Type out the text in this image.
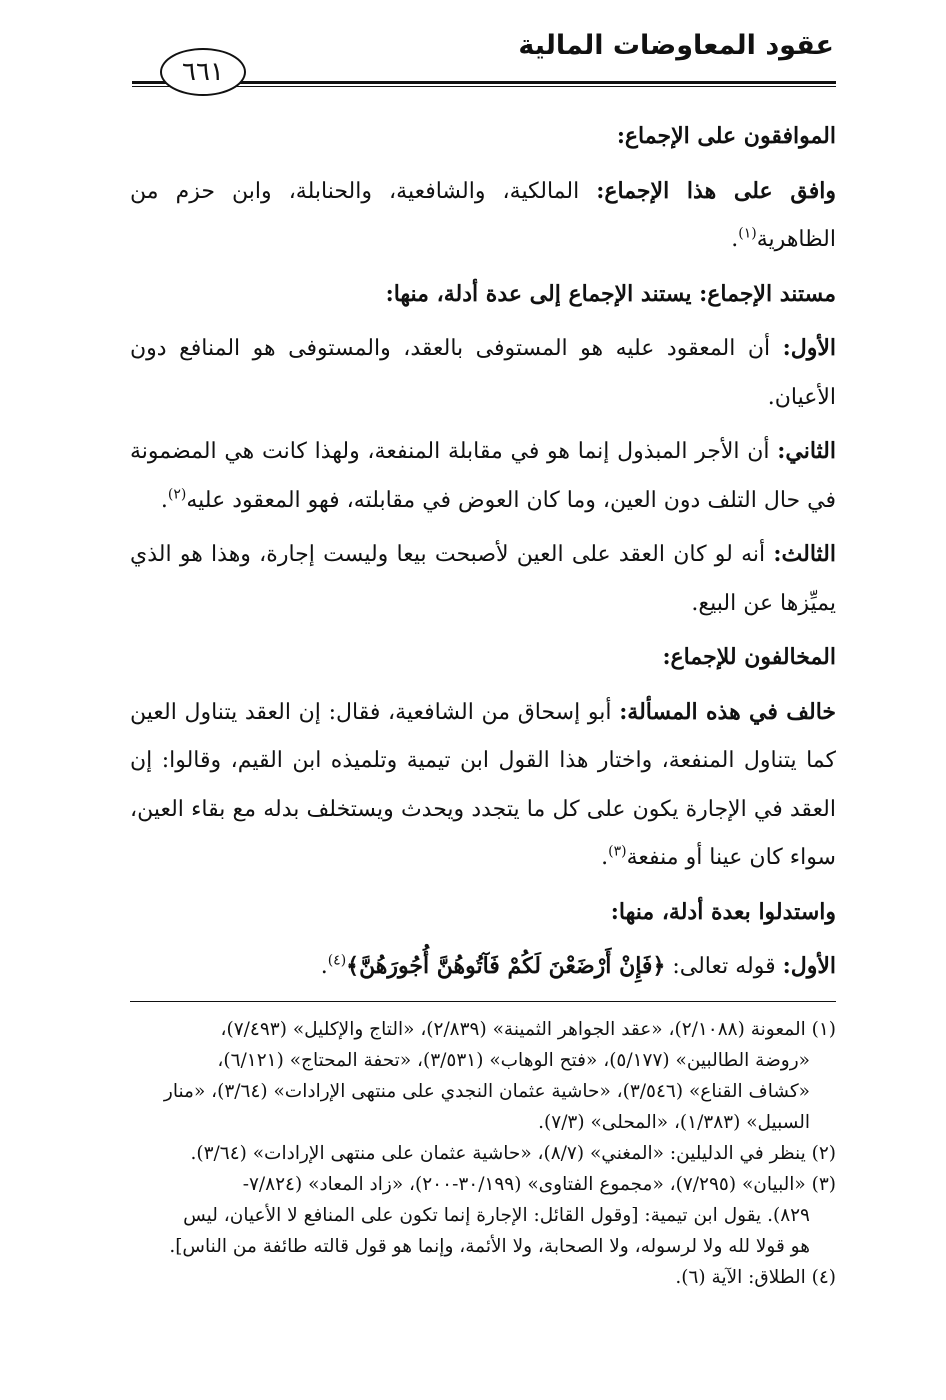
عقود المعاوضات المالية
٦٦١

الموافقون على الإجماع:

وافق على هذا الإجماع: المالكية، والشافعية، والحنابلة، وابن حزم من الظاهرية$^{(١)}$.

مستند الإجماع: يستند الإجماع إلى عدة أدلة، منها:

الأول: أن المعقود عليه هو المستوفى بالعقد، والمستوفى هو المنافع دون الأعيان.

الثاني: أن الأجر المبذول إنما هو في مقابلة المنفعة، ولهذا كانت هي المضمونة في حال التلف دون العين، وما كان العوض في مقابلته، فهو المعقود عليه$^{(٢)}$.

الثالث: أنه لو كان العقد على العين لأصبحت بيعا وليست إجارة، وهذا هو الذي يميِّزها عن البيع.

المخالفون للإجماع:

خالف في هذه المسألة: أبو إسحاق من الشافعية، فقال: إن العقد يتناول العين كما يتناول المنفعة، واختار هذا القول ابن تيمية وتلميذه ابن القيم، وقالوا: إن العقد في الإجارة يكون على كل ما يتجدد ويحدث ويستخلف بدله مع بقاء العين، سواء كان عينا أو منفعة$^{(٣)}$.

واستدلوا بعدة أدلة، منها:

الأول: قوله تعالى: ﴿فَإِنْ أَرْضَعْنَ لَكُمْ فَآتُوهُنَّ أُجُورَهُنَّ﴾$^{(٤)}$.

(١) المعونة (٢/١٠٨٨)، «عقد الجواهر الثمينة» (٢/٨٣٩)، «التاج والإكليل» (٧/٤٩٣)،

«روضة الطالبين» (٥/١٧٧)، «فتح الوهاب» (٣/٥٣١)، «تحفة المحتاج» (٦/١٢١)،

«كشاف القناع» (٣/٥٤٦)، «حاشية عثمان النجدي على منتهى الإرادات» (٣/٦٤)، «منار

السبيل» (١/٣٨٣)، «المحلى» (٧/٣).

(٢) ينظر في الدليلين: «المغني» (٨/٧)، «حاشية عثمان على منتهى الإرادات» (٣/٦٤).

(٣) «البيان» (٧/٢٩٥)، «مجموع الفتاوى» (٣٠/١٩٩-٢٠٠)، «زاد المعاد» (٧/٨٢٤-

٨٢٩). يقول ابن تيمية: [وقول القائل: الإجارة إنما تكون على المنافع لا الأعيان، ليس

هو قولا لله ولا لرسوله، ولا الصحابة، ولا الأئمة، وإنما هو قول قالته طائفة من الناس].

(٤) الطلاق: الآية (٦).
